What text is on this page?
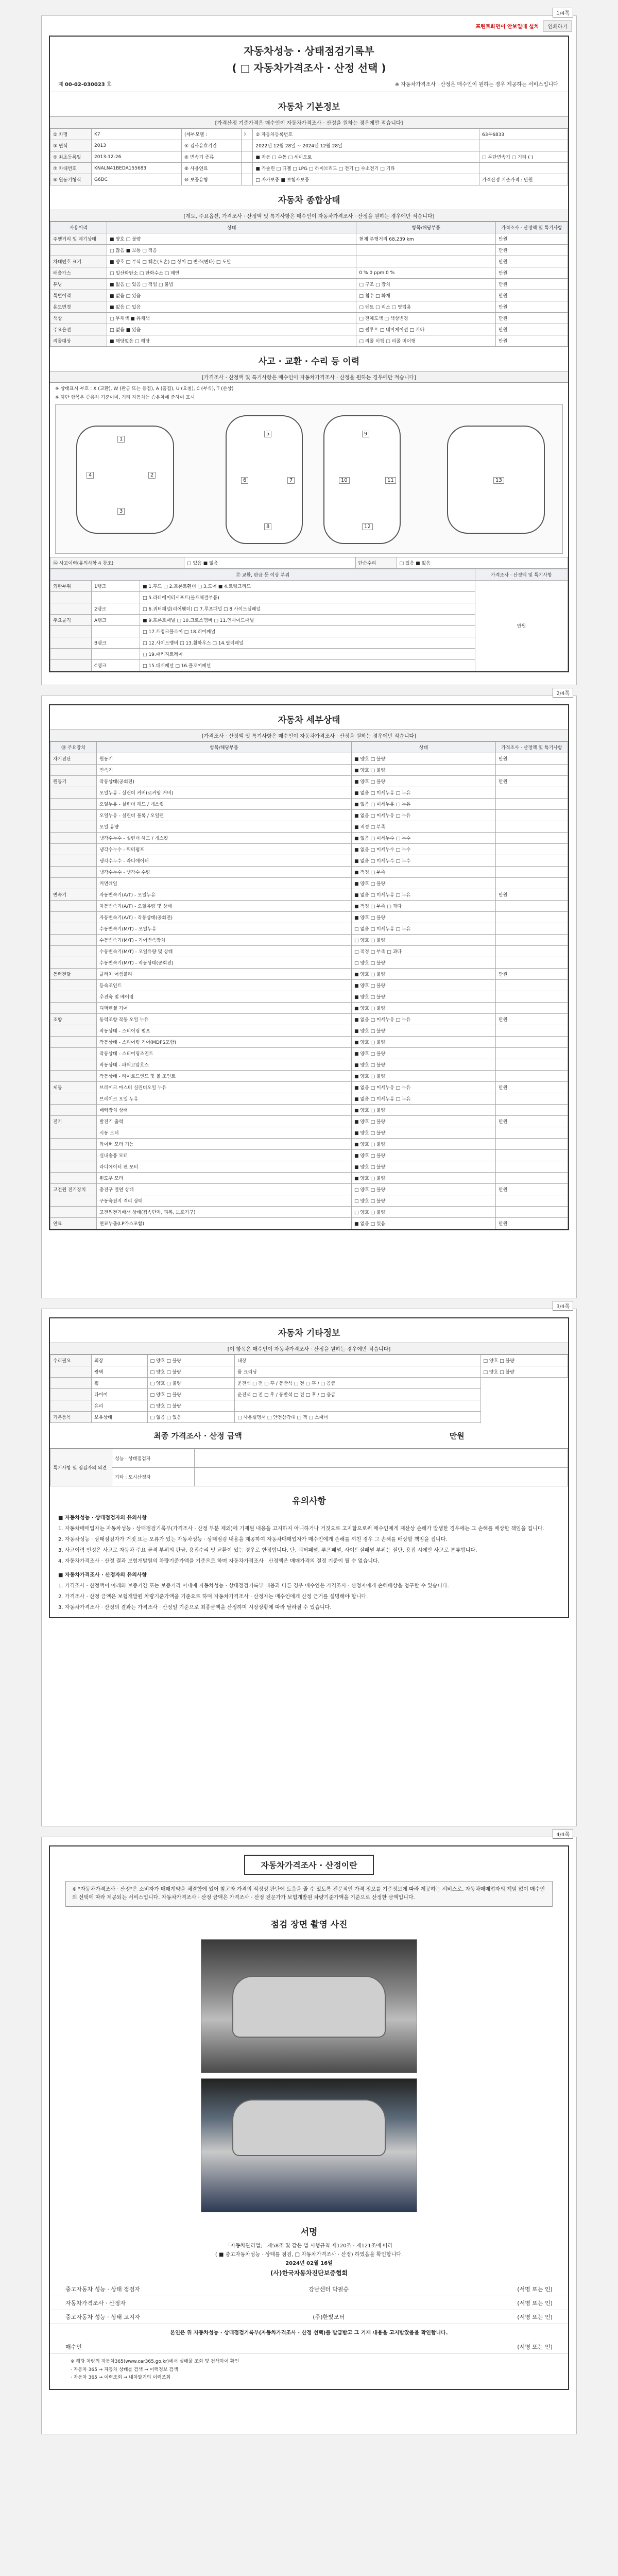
1/4쪽
프린트화면이 안보일때 설치	인쇄하기
자동차성능 · 상태점검기록부
( □ 자동차가격조사 · 산정 선택 )
제 00-02-030023 호	※ 자동차가격조사 · 산정은 매수인이 원하는 경우 제공하는 서비스입니다.
자동차 기본정보
[가격산정 기준가격은 매수인이 자동차가격조사 · 산정을 원하는 경우에만 적습니다]
① 차명	K7	(세부모델 :	)	② 자동차등록번호	63루6833
③ 연식	2013	④ 검사유효기간		2022년 12월 28일 ~ 2024년 12월 28일	
⑤ 최초등록일	2013-12-26	⑥ 변속기 종류		■ 자동 □ 수동 □ 세미오토	□ 무단변속기 □ 기타 ( )
⑦ 차대번호	KNALN41BEDA155683	⑧ 사용연료		■ 가솔린 □ 디젤 □ LPG □ 하이브리드 □ 전기 □ 수소전기 □ 기타	
⑨ 원동기형식	G6DC	⑩ 보증유형		□ 자가보증 ■ 보험사보증	가격산정 기준가격 : 만원
자동차 종합상태
[계도, 주요옵션, 가격조사 · 산정액 및 특기사항은 매수인이 자동차가격조사 · 산정을 원하는 경우에만 적습니다]
사용이력	상태	항목/해당부품	가격조사 · 산정액 및 특기사항
주행거리 및 계기상태	■ 양호 □ 불량	현재 주행거리 68,239 km	만원
	□ 많음 ■ 보통 □ 적음		만원
차대번호 표기	■ 양호 □ 부식 □ 훼손(오손) □ 상이 □ 변조(변타) □ 도말		만원
배출가스	□ 일산화탄소 □ 탄화수소 □ 매연	0 % 0 ppm 0 %	만원
튜닝	■ 없음 □ 있음 □ 적법 □ 불법	□ 구조 □ 장치	만원
특별이력	■ 없음 □ 있음	□ 침수 □ 화재	만원
용도변경	■ 없음 □ 있음	□ 렌트 □ 리스 □ 영업용	만원
색상	□ 무채색 ■ 유채색	□ 전체도색 □ 색상변경	만원
주요옵션	□ 없음 ■ 있음	□ 썬루프 □ 네비게이션 □ 기타	만원
리콜대상	■ 해당없음 □ 해당	□ 리콜 이행 □ 리콜 미이행	만원
사고 · 교환 · 수리 등 이력
[가격조사 · 산정액 및 특기사항은 매수인이 자동차가격조사 · 산정을 원하는 경우에만 적습니다]
※ 상태표시 부호 : X (교환), W (판금 또는 용접), A (흠집), U (요철), C (부식), T (손상)
※ 하단 항목은 승용차 기준이며, 기타 자동차는 승용차에 준하여 표시
1
2
3
4
5
6	7
8
9
10	11
12
13
⑯ 사고이력(유의사항 4 참조)	□ 있음 ■ 없음	단순수리	□ 있음 ■ 없음
⑰ 교환, 판금 등 이상 부위			가격조사 · 산정액 및 특기사항
외판부위	1랭크	■ 1.후드 □ 2.프론트휀더 □ 3.도어 ■ 4.트렁크리드	만원
		□ 5.라디에이터서포트(볼트체결부품)	
	2랭크	□ 6.쿼터패널(리어휀더) □ 7.루프패널 □ 8.사이드실패널	
주요골격	A랭크	■ 9.프론트패널 □ 10.크로스멤버 □ 11.인사이드패널	
		□ 17.트렁크플로어 □ 18.리어패널	
	B랭크	□ 12.사이드멤버 □ 13.휠하우스 □ 14.필러패널	
		□ 19.패키지트레이	
	C랭크	□ 15.대쉬패널 □ 16.플로어패널	
2/4쪽
자동차 세부상태
[가격조사 · 산정액 및 특기사항은 매수인이 자동차가격조사 · 산정을 원하는 경우에만 적습니다]
⑱ 주요장치	항목/해당부품	상태	가격조사 · 산정액 및 특기사항
자기진단	원동기	■ 양호 □ 불량	만원
	변속기	■ 양호 □ 불량	
원동기	작동상태(공회전)	■ 양호 □ 불량	만원
	오일누유 - 실린더 커버(로커암 커버)	■ 없음 □ 미세누유 □ 누유	
	오일누유 - 실린더 헤드 / 개스킷	■ 없음 □ 미세누유 □ 누유	
	오일누유 - 실린더 블록 / 오일팬	■ 없음 □ 미세누유 □ 누유	
	오일 유량	■ 적정 □ 부족	
	냉각수누수 - 실린더 헤드 / 개스킷	■ 없음 □ 미세누수 □ 누수	
	냉각수누수 - 워터펌프	■ 없음 □ 미세누수 □ 누수	
	냉각수누수 - 라디에이터	■ 없음 □ 미세누수 □ 누수	
	냉각수누수 - 냉각수 수량	■ 적정 □ 부족	
	커먼레일	■ 양호 □ 불량	
변속기	자동변속기(A/T) - 오일누유	■ 없음 □ 미세누유 □ 누유	만원
	자동변속기(A/T) - 오일유량 및 상태	■ 적정 □ 부족 □ 과다	
	자동변속기(A/T) - 작동상태(공회전)	■ 양호 □ 불량	
	수동변속기(M/T) - 오일누유	□ 없음 □ 미세누유 □ 누유	
	수동변속기(M/T) - 기어변속장치	□ 양호 □ 불량	
	수동변속기(M/T) - 오일유량 및 상태	□ 적정 □ 부족 □ 과다	
	수동변속기(M/T) - 작동상태(공회전)	□ 양호 □ 불량	
동력전달	클러치 어셈블리	■ 양호 □ 불량	만원
	등속조인트	■ 양호 □ 불량	
	추진축 및 베어링	■ 양호 □ 불량	
	디퍼렌셜 기어	■ 양호 □ 불량	
조향	동력조향 작동 오일 누유	■ 없음 □ 미세누유 □ 누유	만원
	작동상태 - 스티어링 펌프	■ 양호 □ 불량	
	작동상태 - 스티어링 기어(MDPS포함)	■ 양호 □ 불량	
	작동상태 - 스티어링조인트	■ 양호 □ 불량	
	작동상태 - 파워고압호스	■ 양호 □ 불량	
	작동상태 - 타이로드엔드 및 볼 조인트	■ 양호 □ 불량	
제동	브레이크 마스터 실린더오일 누유	■ 없음 □ 미세누유 □ 누유	만원
	브레이크 오일 누유	■ 없음 □ 미세누유 □ 누유	
	배력장치 상태	■ 양호 □ 불량	
전기	발전기 출력	■ 양호 □ 불량	만원
	시동 모터	■ 양호 □ 불량	
	와이퍼 모터 기능	■ 양호 □ 불량	
	실내송풍 모터	■ 양호 □ 불량	
	라디에이터 팬 모터	■ 양호 □ 불량	
	윈도우 모터	■ 양호 □ 불량	
고전원 전기장치	충전구 절연 상태	□ 양호 □ 불량	만원
	구동축전지 격리 상태	□ 양호 □ 불량	
	고전원전기배선 상태(접속단자, 피복, 보호기구)	□ 양호 □ 불량	
연료	연료누출(LP가스포함)	■ 없음 □ 있음	만원
3/4쪽
자동차 기타정보
[이 항목은 매수인이 자동차가격조사 · 산정을 원하는 경우에만 적습니다]
수리필요	외장	□ 양호 □ 불량	내장	□ 양호 □ 불량
	광택	□ 양호 □ 불량	룸 크리닝	□ 양호 □ 불량
	휠	□ 양호 □ 불량	운전석 □ 전 □ 후 / 동반석 □ 전 □ 후 / □ 응급	
	타이어	□ 양호 □ 불량	운전석 □ 전 □ 후 / 동반석 □ 전 □ 후 / □ 응급	
	유리	□ 양호 □ 불량		
기본품목	보유상태	□ 없음 □ 있음	□ 사용설명서 □ 안전삼각대 □ 잭 □ 스패너	
최종 가격조사 · 산정 금액	만원
특기사항 및 점검자의 의견	성능 · 상태점검자	
	기타 : 도시산정자	
유의사항

■ 자동차성능 · 상태점검자의 유의사항

1. 자동차매매업자는 자동차성능 · 상태점검기록부(가격조사 · 산정 부분 제외)에 기재된 내용을 고지하지 아니하거나 거짓으로 고지함으로써 매수인에게 재산상 손해가 발생한 경우에는 그 손해를 배상할 책임을 집니다.

2. 자동차성능 · 상태점검자가 거짓 또는 오류가 있는 자동차성능 · 상태점검 내용을 제공하여 자동차매매업자가 매수인에게 손해를 끼친 경우 그 손해를 배상할 책임을 집니다.

3. 사고이력 인정은 사고로 자동차 주요 골격 부위의 판금, 용접수리 및 교환이 있는 경우로 한정합니다. 단, 쿼터패널, 루프패널, 사이드실패널 부위는 절단, 용접 시에만 사고로 분류합니다.

4. 자동차가격조사 · 산정 결과 보험개발원의 차량기준가액을 기준으로 하며 자동차가격조사 · 산정액은 매매가격의 결정 기준이 될 수 없습니다.

■ 자동차가격조사 · 산정자의 유의사항

1. 가격조사 · 산정액이 아래의 보증기간 또는 보증거리 이내에 자동차성능 · 상태점검기록부 내용과 다른 경우 매수인은 가격조사 · 산정자에게 손해배상을 청구할 수 있습니다.

2. 가격조사 · 산정 금액은 보험개발원 차량기준가액을 기준으로 하며 자동차가격조사 · 산정자는 매수인에게 산정 근거를 설명해야 합니다.

3. 자동차가격조사 · 산정의 결과는 가격조사 · 산정일 기준으로 최종금액을 산정하며 시장상황에 따라 달라질 수 있습니다.

4/4쪽
자동차가격조사 · 산정이란
※ "자동차가격조사 · 산정"은 소비자가 매매계약을 체결함에 있어 참고와 가격의 적정성 판단에 도움을 줄 수 있도록 전문적인 가격 정보를 기준정보에 따라 제공하는 서비스로, 자동차매매업자의 책임 없이 매수인의 선택에 따라 제공되는 서비스입니다. 자동차가격조사 · 산정 금액은 가격조사 · 산정 전문가가 보험개발원 차량기준가액을 기준으로 산정한 금액입니다.
점검 장면 촬영 사진
서명
「자동차관리법」 제58조 및 같은 법 시행규칙 제120조 · 제121조에 따라
( ■ 중고자동차성능 · 상태를 점검, □ 자동차가격조사 · 산정) 하였음을 확인합니다.
2024년 02월 16일
(사)한국자동차진단보증협회
중고자동차 성능 · 상태 점검자	강남센터 박필승	(서명 또는 인)
자동차가격조사 · 산정자	(서명 또는 인)
중고자동차 성능 · 상태 고지자	(주)한빛모터	(서명 또는 인)
본인은 위 자동차성능 · 상태점검기록부(자동차가격조사 · 산정 선택)를 발급받고 그 기재 내용을 고지받았음을 확인합니다.
매수인	(서명 또는 인)
※ 해당 차량의 자동차365(www.car365.go.kr)에서 실매물 조회 및 검색하여 확인
· 자동차 365 → 자동차 상태를 검색 → 이력정보 검색
· 자동차 365 → 이력조회 → 내차팔기의 이력조회
